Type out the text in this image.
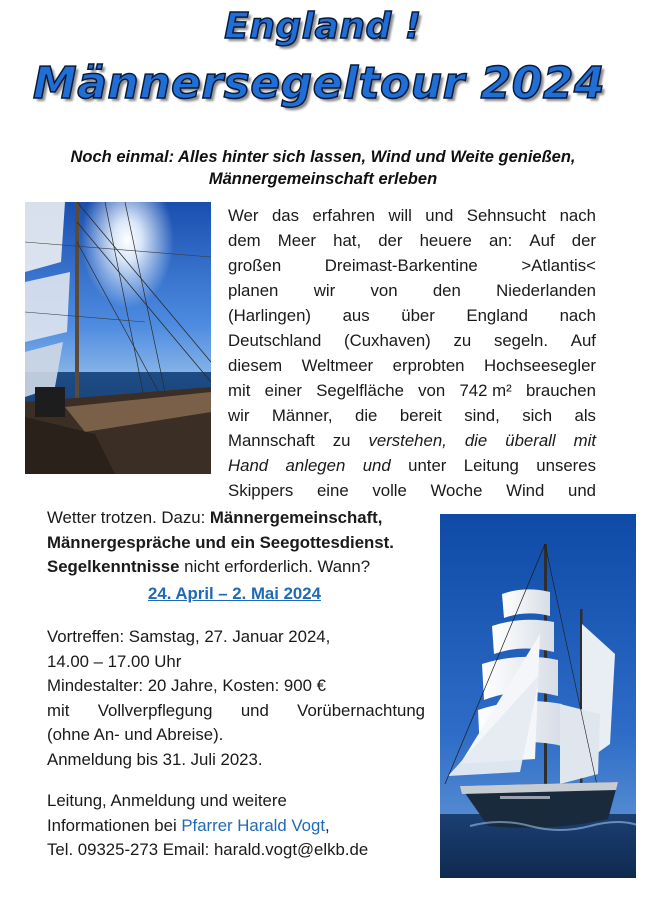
England !
Männersegeltour 2024
Noch einmal: Alles hinter sich lassen, Wind und Weite genießen,
Männergemeinschaft erleben
Wer das erfahren will und Sehnsucht nach
dem Meer hat, der heuere an: Auf der
großen	Dreimast-Barkentine	>Atlantis<
planen wir von den Niederlanden
(Harlingen) aus über England nach
Deutschland (Cuxhaven) zu segeln. Auf
diesem Weltmeer erprobten Hochseesegler
mit einer Segelfläche von 742 m² brauchen
wir Männer, die bereit sind, sich als
Mannschaft zu verstehen, die überall mit
Hand anlegen und unter Leitung unseres
Skippers eine volle Woche Wind und
Wetter trotzen. Dazu: Männergemeinschaft,
Männergespräche und ein Seegottesdienst.
Segelkenntnisse nicht erforderlich. Wann?
24. April – 2. Mai 2024
Vortreffen: Samstag, 27. Januar 2024,
14.00 – 17.00 Uhr
Mindestalter: 20 Jahre, Kosten: 900 €
mit Vollverpflegung und Vorübernachtung
(ohne An- und Abreise).
Anmeldung bis 31. Juli 2023.
Leitung, Anmeldung und weitere
Informationen bei Pfarrer Harald Vogt,
Tel. 09325-273 Email: harald.vogt@elkb.de
